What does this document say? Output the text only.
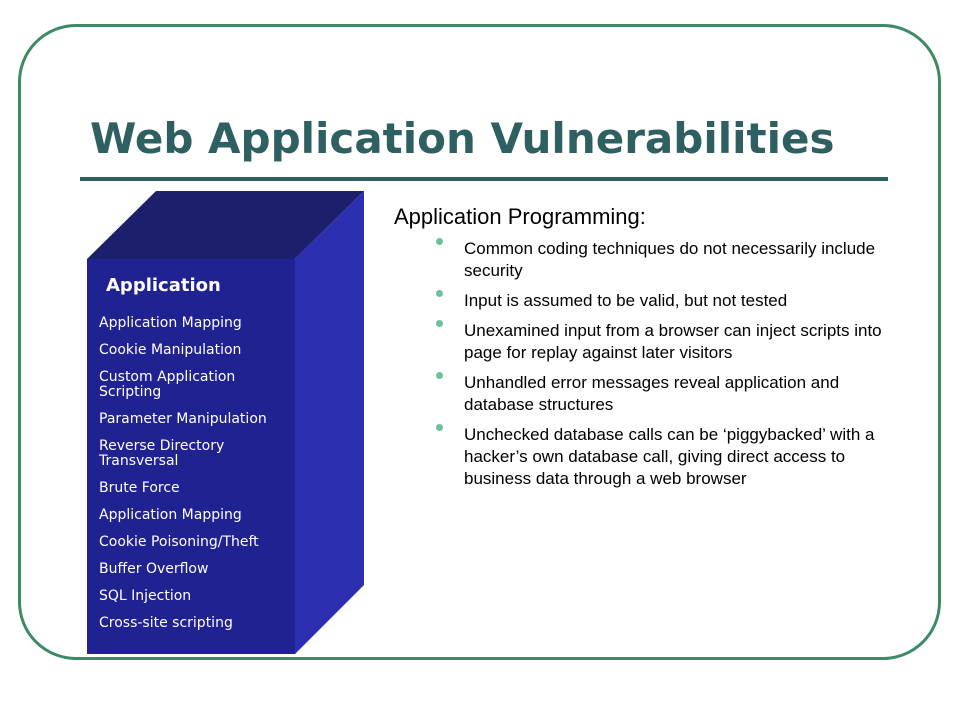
Web Application Vulnerabilities
Application
Application Mapping
Cookie Manipulation
Custom Application Scripting
Parameter Manipulation
Reverse Directory Transversal
Brute Force
Application Mapping
Cookie Poisoning/Theft
Buffer Overflow
SQL Injection
Cross-site scripting
Application Programming:
Common coding techniques do not necessarily include security
Input is assumed to be valid, but not tested
Unexamined input from a browser can inject scripts into page for replay against later visitors
Unhandled error messages reveal application and database structures
Unchecked database calls can be ‘piggybacked’ with a hacker’s own database call, giving direct access to business data through a web browser
